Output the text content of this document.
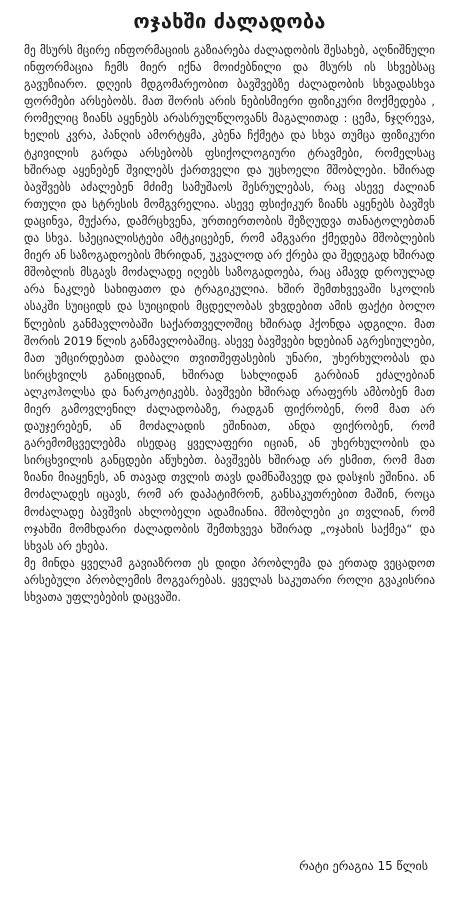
ოჯახში ძალადობა

მე მსურს მცირე ინფორმაციის გაზიარება ძალადობის შესახებ, აღნიშნული ინფორმაცია ჩემს მიერ იქნა მოიძებნილი და მსურს ის სხვებსაც გავუზიარო. დღეის მდგომარეობით ბავშვებზე ძალადობის სხვადასხვა ფორმები არსებობს. მათ შორის არის ნებისმიერი ფიზიკური მოქმედება , რომელიც ზიანს აყენებს არასრულწლოვანს მაგალითად : ცემა, ნჯღრევა, ხელის კვრა, პანღის ამორტყმა, კბენა ჩქმეტა და სხვა თუმცა ფიზიკური ტკივილის გარდა არსებობს ფსიქოლოგიური ტრავმები, რომელსაც ხშირად აყენებენ შვილებს ქართველი და უცხოელი მშობლები. ხშირად ბავშვებს აძალებენ მძიმე სამუშაოს შესრულებას, რაც ასევე ძალიან რთული და სტრესის მომგვრელია. ასევე ფსიქიკურ ზიანს აყენებს ბავშვს დაცინვა, მუქარა, დამრცხვენა, ურთიერთობის შეზღუდვა თანატოლებთან და სხვა. სპეციალისტები ამტკიცებენ, რომ ამგვარი ქმედება მშობლების მიერ ან საზოგადოების მხრიდან, უკვალოდ არ ქრება და შედეგად ხშირად მშობლის მსგავს მოძალადე იღებს საზოგადოება, რაც ამავდ დროულად არა ნაკლებ სახიფათო და ტრაგიკულია. ხშირ შემთხვევაში სკოლის ასაკში სუიციდს და სუიციდის მცდელობას ვხვდებით ამის ფაქტი ბოლო წლების განმავლობაში საქართველოშიც ხშირად ჰქონდა ადგილი. მათ შორის 2019 წლის განმავლობაშიც. ასევე ბავშვები ხდებიან აგრესიულები, მათ უმცირდებათ დაბალი თვითშეფასების უნარი, უხერხულობას და სირცხვილს განიცდიან, ხშირად სახლიდან გარბიან ეძალებიან ალკოჰოლსა და ნარკოტიკებს. ბავშვები ხშირად არაფერს ამბობენ მათ მიერ გამოვლენილ ძალადობაზე, რადგან ფიქრობენ, რომ მათ არ დაუჯერებენ, ან მოძალადის ეშინიათ, ანდა ფიქრობენ, რომ გარემომცველებმა ისედაც ყველაფერი იციან, ან უხერხულობის და სირცხვილის განცდები აწუხებთ. ბავშვებს ხშირად არ ესმით, რომ მათ ზიანი მიაყენეს, ან თავად თვლის თავს დამნაშავედ და დასჯის ეშინია. ან მოძალადეს იცავს, რომ არ დაპატიმრონ, განსაკუთრებით მაშინ, როცა მოძალადე ბავშვის ახლობელი ადამიანია. მშობლები კი თვლიან, რომ ოჯახში მომხდარი ძალადობის შემთხვევა ხშირად „ოჯახის საქმეა“ და სხვას არ ეხება.

მე მინდა ყველამ გავიაზროთ ეს დიდი პრობლემა და ერთად ვეცადოთ არსებული პრობლემის მოგვარებას. ყველას საკუთარი როლი გვაკისრია სხვათა უფლებების დაცვაში.

რატი ერაგია 15 წლის
